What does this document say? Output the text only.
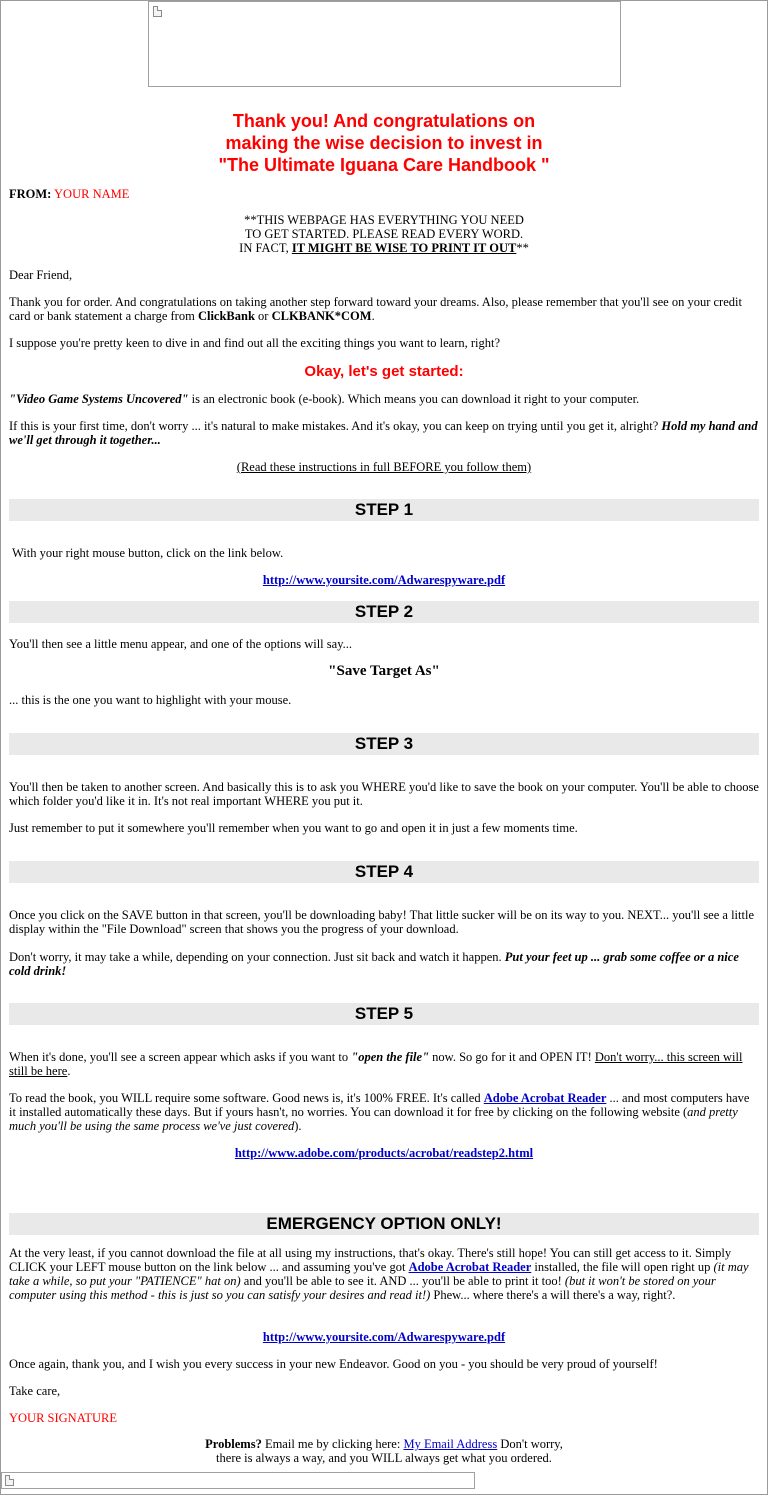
Thank you! And congratulations on
making the wise decision to invest in
"The Ultimate Iguana Care Handbook "

FROM: YOUR NAME

**THIS WEBPAGE HAS EVERYTHING YOU NEED
TO GET STARTED. PLEASE READ EVERY WORD.
IN FACT, IT MIGHT BE WISE TO PRINT IT OUT**

Dear Friend,

Thank you for order. And congratulations on taking another step forward toward your dreams. Also, please remember that you'll see on your credit card or bank statement a charge from ClickBank or CLKBANK*COM.

I suppose you're pretty keen to dive in and find out all the exciting things you want to learn, right?

Okay, let's get started:

"Video Game Systems Uncovered" is an electronic book (e-book). Which means you can download it right to your computer.

If this is your first time, don't worry ... it's natural to make mistakes. And it's okay, you can keep on trying until you get it, alright? Hold my hand and we'll get through it together...

(Read these instructions in full BEFORE you follow them)

STEP 1

With your right mouse button, click on the link below.

http://www.yoursite.com/Adwarespyware.pdf

STEP 2

You'll then see a little menu appear, and one of the options will say...

"Save Target As"

... this is the one you want to highlight with your mouse.

STEP 3

You'll then be taken to another screen. And basically this is to ask you WHERE you'd like to save the book on your computer. You'll be able to choose which folder you'd like it in. It's not real important WHERE you put it.

Just remember to put it somewhere you'll remember when you want to go and open it in just a few moments time.

STEP 4

Once you click on the SAVE button in that screen, you'll be downloading baby! That little sucker will be on its way to you. NEXT... you'll see a little display within the "File Download" screen that shows you the progress of your download.

Don't worry, it may take a while, depending on your connection. Just sit back and watch it happen. Put your feet up ... grab some coffee or a nice cold drink!

STEP 5

When it's done, you'll see a screen appear which asks if you want to "open the file" now. So go for it and OPEN IT! Don't worry... this screen will still be here.

To read the book, you WILL require some software. Good news is, it's 100% FREE. It's called Adobe Acrobat Reader ... and most computers have it installed automatically these days. But if yours hasn't, no worries. You can download it for free by clicking on the following website (and pretty much you'll be using the same process we've just covered).

http://www.adobe.com/products/acrobat/readstep2.html

EMERGENCY OPTION ONLY!

At the very least, if you cannot download the file at all using my instructions, that's okay. There's still hope! You can still get access to it. Simply CLICK your LEFT mouse button on the link below ... and assuming you've got Adobe Acrobat Reader installed, the file will open right up (it may take a while, so put your "PATIENCE" hat on) and you'll be able to see it. AND ... you'll be able to print it too! (but it won't be stored on your computer using this method - this is just so you can satisfy your desires and read it!) Phew... where there's a will there's a way, right?.

http://www.yoursite.com/Adwarespyware.pdf

Once again, thank you, and I wish you every success in your new Endeavor. Good on you - you should be very proud of yourself!

Take care,

YOUR SIGNATURE

Problems? Email me by clicking here: My Email Address Don't worry,
there is always a way, and you WILL always get what you ordered.
